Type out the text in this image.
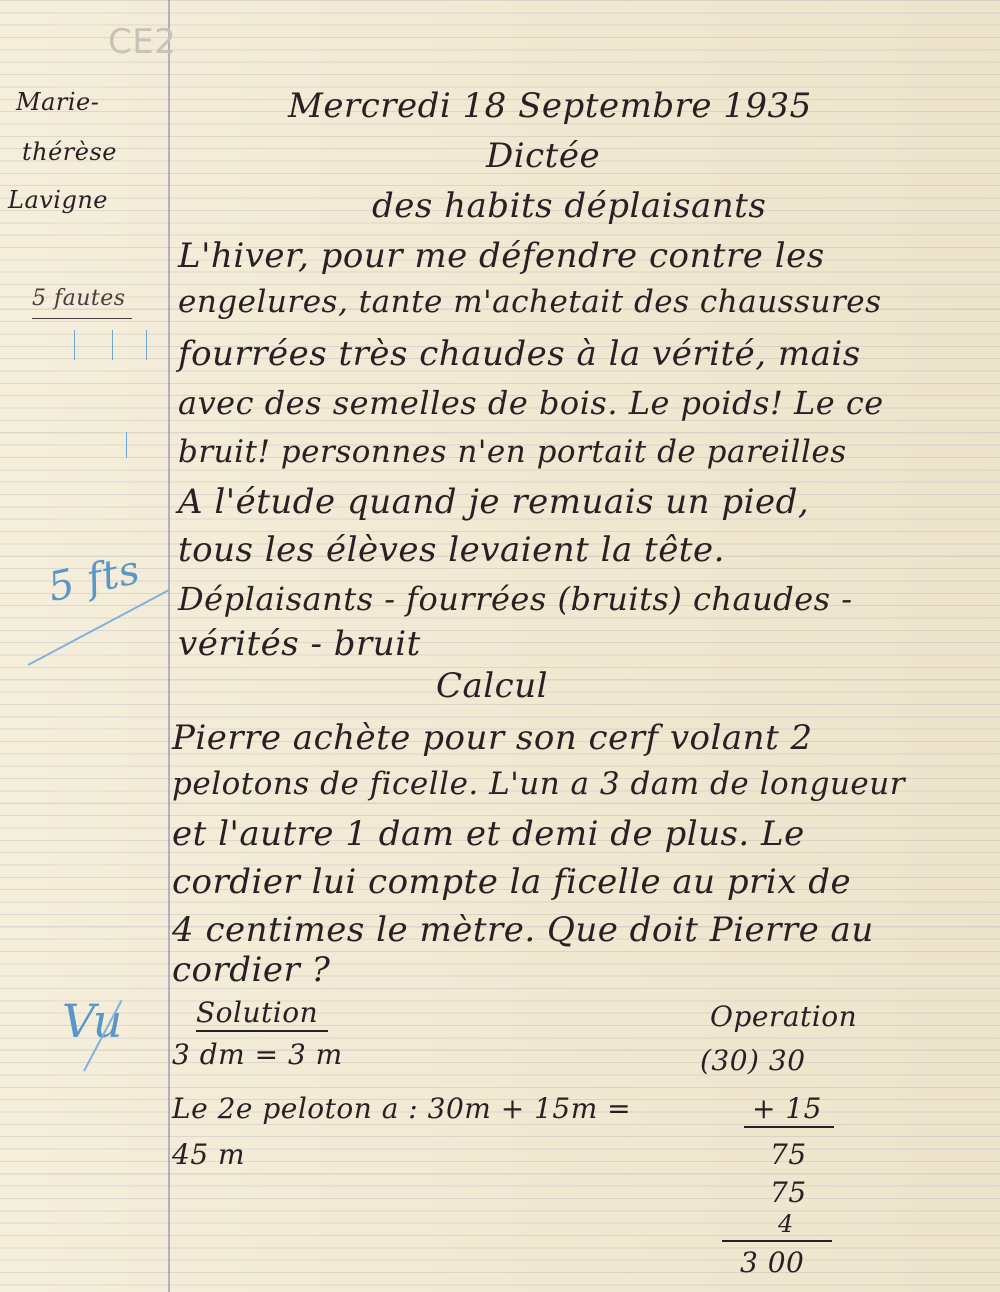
CE2
Marie-
thérèse
Lavigne
5 fautes
5 fts
Vu
Mercredi 18 Septembre 1935
Dictée
des habits déplaisants
L'hiver, pour me défendre contre les
engelures, tante m'achetait des chaussures
fourrées très chaudes à la vérité, mais
avec des semelles de bois. Le poids! Le ce
bruit! personnes n'en portait de pareilles
A l'étude quand je remuais un pied,
tous les élèves levaient la tête.
Déplaisants - fourrées (bruits) chaudes -
vérités - bruit
Calcul
Pierre achète pour son cerf volant 2
pelotons de ficelle. L'un a 3 dam de longueur
et l'autre 1 dam et demi de plus. Le
cordier lui compte la ficelle au prix de
4 centimes le mètre. Que doit Pierre au
cordier ?
Solution
3 dm = 3 m
Le 2e peloton a : 30m + 15m =
45 m
Operation
(30) 30
+ 15
75
75
4
3 00
